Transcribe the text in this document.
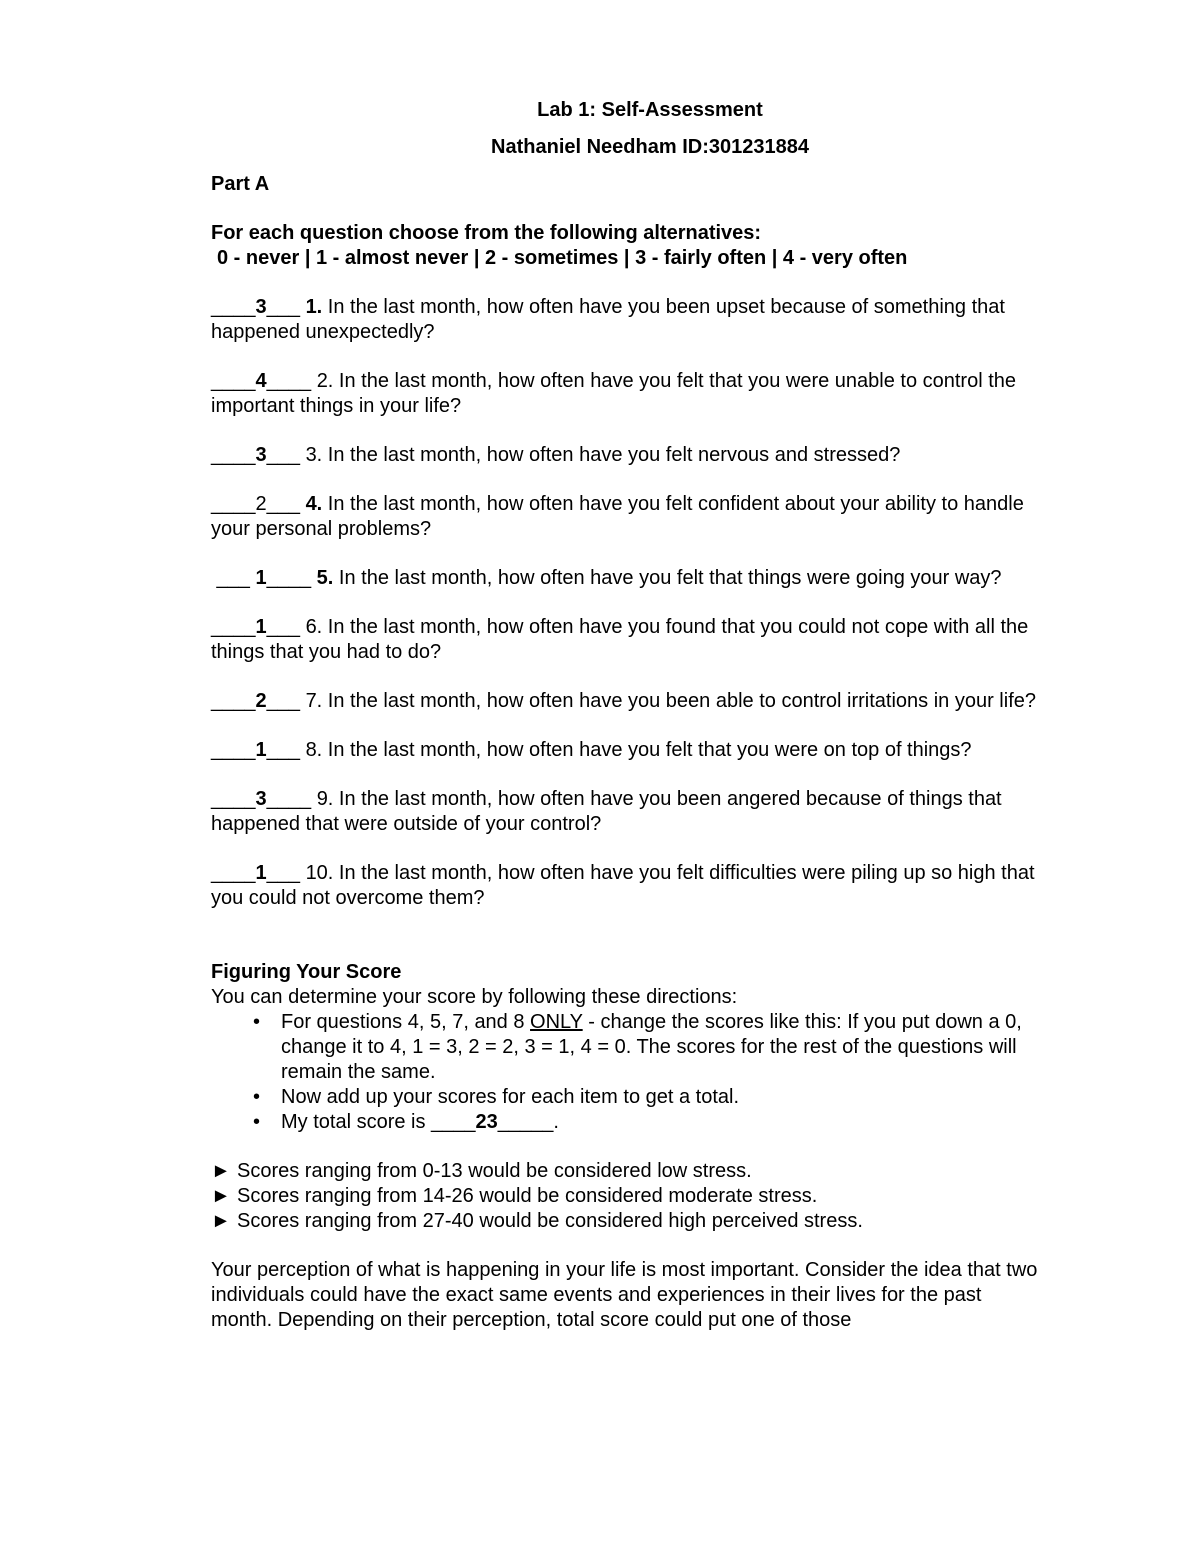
Lab 1: Self-Assessment
Nathaniel Needham ID:301231884
Part A
For each question choose from the following alternatives:
0 - never | 1 - almost never | 2 - sometimes | 3 - fairly often | 4 - very often
____3___ 1. In the last month, how often have you been upset because of something that happened unexpectedly?
____4____ 2. In the last month, how often have you felt that you were unable to control the important things in your life?
____3___ 3. In the last month, how often have you felt nervous and stressed?
____2___ 4. In the last month, how often have you felt confident about your ability to handle your personal problems?
___ 1____ 5. In the last month, how often have you felt that things were going your way?
____1___ 6. In the last month, how often have you found that you could not cope with all the things that you had to do?
____2___ 7. In the last month, how often have you been able to control irritations in your life?
____1___ 8. In the last month, how often have you felt that you were on top of things?
____3____ 9. In the last month, how often have you been angered because of things that happened that were outside of your control?
____1___ 10. In the last month, how often have you felt difficulties were piling up so high that you could not overcome them?
Figuring Your Score
You can determine your score by following these directions:
• For questions 4, 5, 7, and 8 ONLY - change the scores like this: If you put down a 0, change it to 4, 1 = 3, 2 = 2, 3 = 1, 4 = 0. The scores for the rest of the questions will remain the same.
• Now add up your scores for each item to get a total.
• My total score is ____23_____.
► Scores ranging from 0-13 would be considered low stress.
► Scores ranging from 14-26 would be considered moderate stress.
► Scores ranging from 27-40 would be considered high perceived stress.
Your perception of what is happening in your life is most important. Consider the idea that two individuals could have the exact same events and experiences in their lives for the past month. Depending on their perception, total score could put one of those
